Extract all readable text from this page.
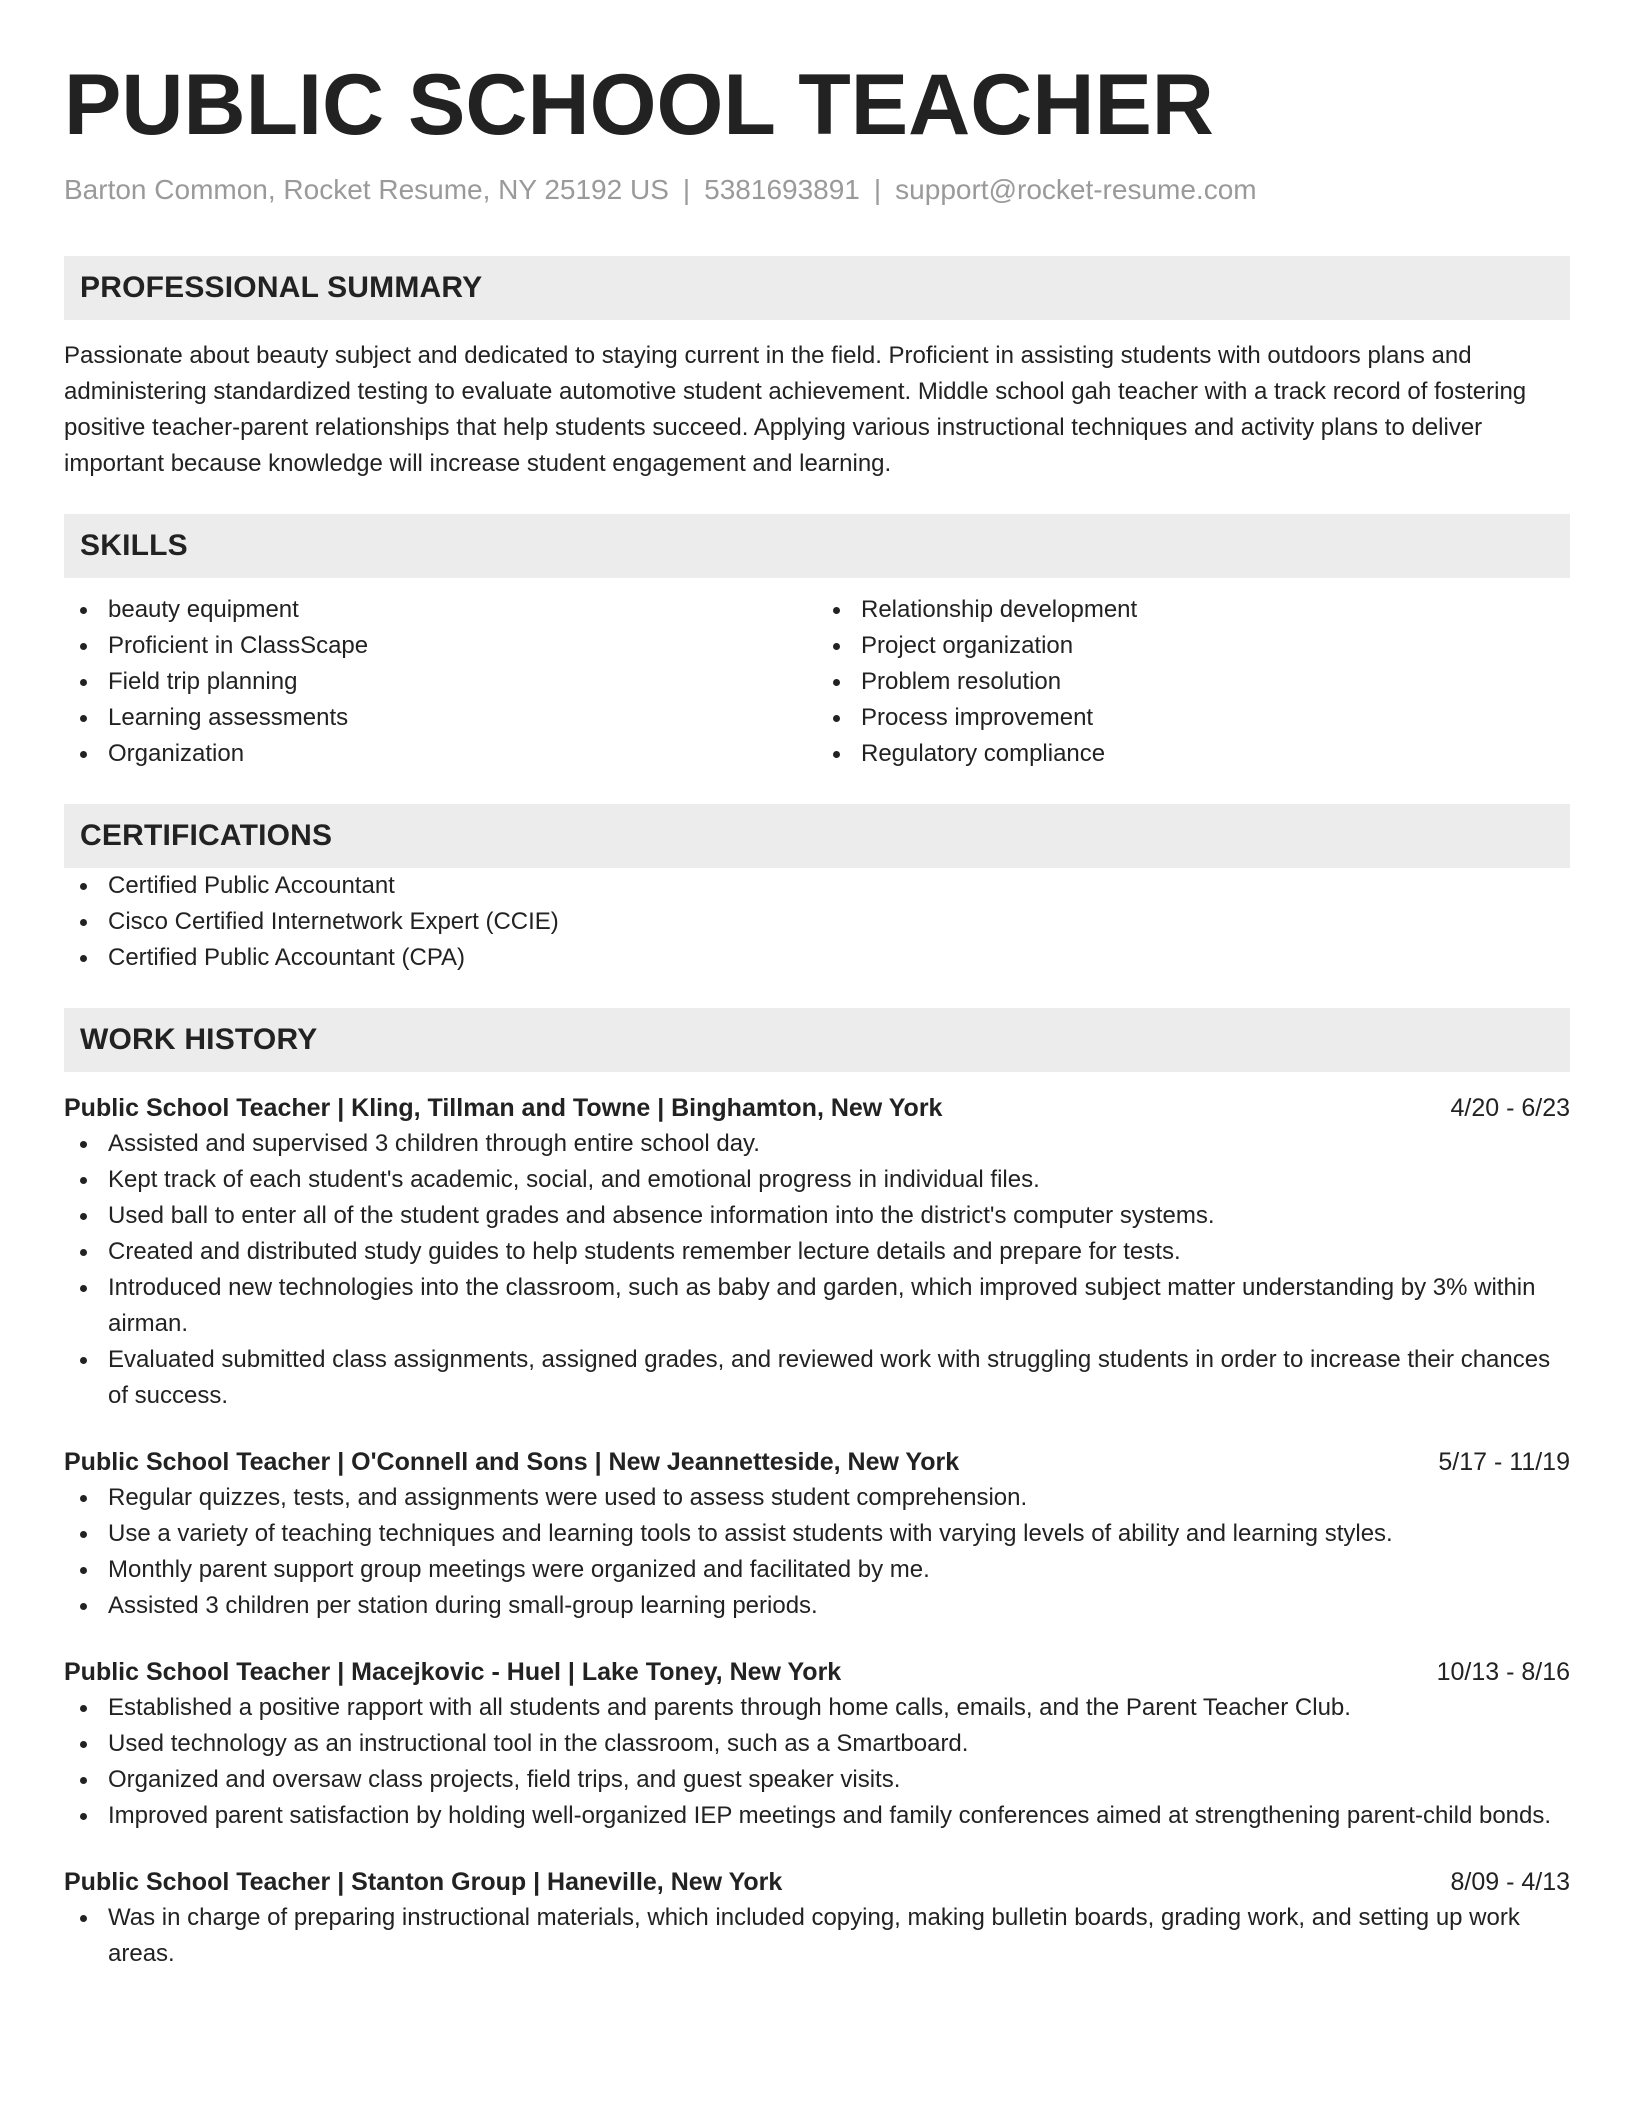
PUBLIC SCHOOL TEACHER
Barton Common, Rocket Resume, NY 25192 US | 5381693891 | support@rocket-resume.com
PROFESSIONAL SUMMARY
Passionate about beauty subject and dedicated to staying current in the field. Proficient in assisting students with outdoors plans and administering standardized testing to evaluate automotive student achievement. Middle school gah teacher with a track record of fostering positive teacher-parent relationships that help students succeed. Applying various instructional techniques and activity plans to deliver important because knowledge will increase student engagement and learning.
SKILLS
beauty equipment
Proficient in ClassScape
Field trip planning
Learning assessments
Organization
Relationship development
Project organization
Problem resolution
Process improvement
Regulatory compliance
CERTIFICATIONS
Certified Public Accountant
Cisco Certified Internetwork Expert (CCIE)
Certified Public Accountant (CPA)
WORK HISTORY
Public School Teacher | Kling, Tillman and Towne | Binghamton, New York	4/20 - 6/23
Assisted and supervised 3 children through entire school day.
Kept track of each student's academic, social, and emotional progress in individual files.
Used ball to enter all of the student grades and absence information into the district's computer systems.
Created and distributed study guides to help students remember lecture details and prepare for tests.
Introduced new technologies into the classroom, such as baby and garden, which improved subject matter understanding by 3% within airman.
Evaluated submitted class assignments, assigned grades, and reviewed work with struggling students in order to increase their chances of success.
Public School Teacher | O'Connell and Sons | New Jeannetteside, New York	5/17 - 11/19
Regular quizzes, tests, and assignments were used to assess student comprehension.
Use a variety of teaching techniques and learning tools to assist students with varying levels of ability and learning styles.
Monthly parent support group meetings were organized and facilitated by me.
Assisted 3 children per station during small-group learning periods.
Public School Teacher | Macejkovic - Huel | Lake Toney, New York	10/13 - 8/16
Established a positive rapport with all students and parents through home calls, emails, and the Parent Teacher Club.
Used technology as an instructional tool in the classroom, such as a Smartboard.
Organized and oversaw class projects, field trips, and guest speaker visits.
Improved parent satisfaction by holding well-organized IEP meetings and family conferences aimed at strengthening parent-child bonds.
Public School Teacher | Stanton Group | Haneville, New York	8/09 - 4/13
Was in charge of preparing instructional materials, which included copying, making bulletin boards, grading work, and setting up work areas.
